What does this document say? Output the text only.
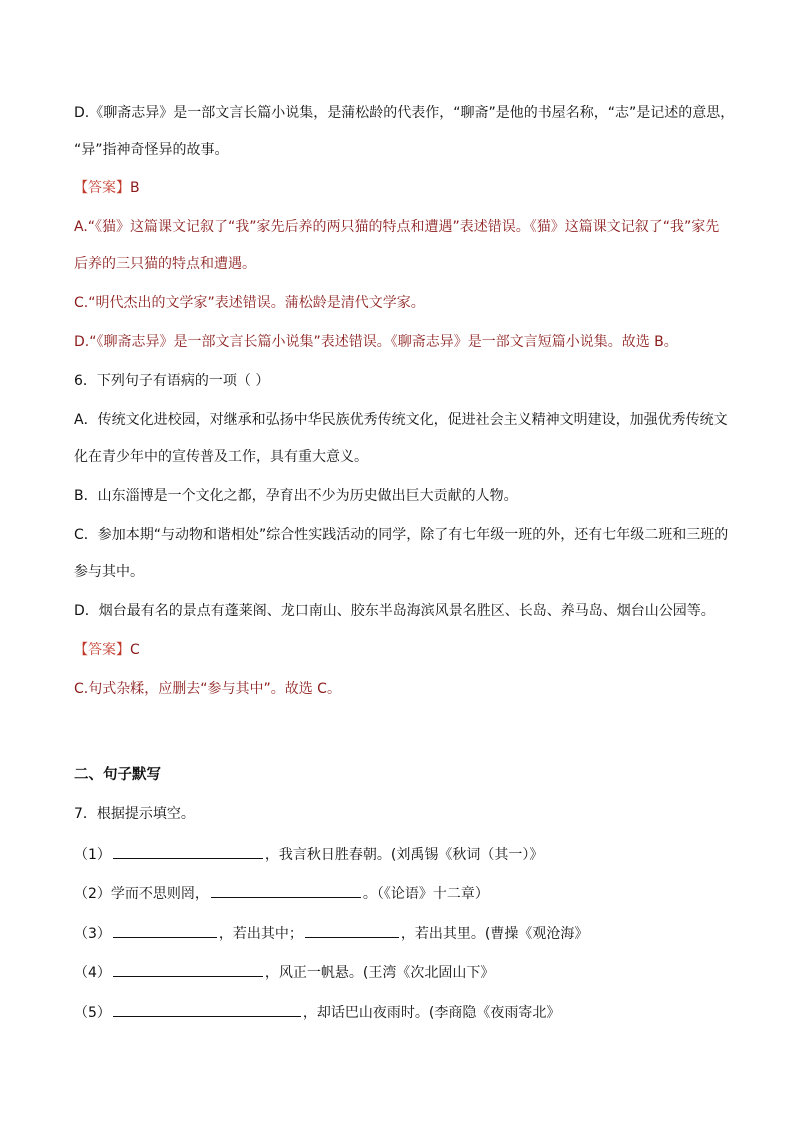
D.《聊斋志异》是一部文言长篇小说集，是蒲松龄的代表作，“聊斋”是他的书屋名称，“志”是记述的意思，
“异”指神奇怪异的故事。
【答案】B
A.“《猫》这篇课文记叙了“我”家先后养的两只猫的特点和遭遇”表述错误。《猫》这篇课文记叙了“我”家先
后养的三只猫的特点和遭遇。
C.“明代杰出的文学家”表述错误。蒲松龄是清代文学家。
D.“《聊斋志异》是一部文言长篇小说集”表述错误。《聊斋志异》是一部文言短篇小说集。故选 B。
6．下列句子有语病的一项（ ）
A．传统文化进校园，对继承和弘扬中华民族优秀传统文化，促进社会主义精神文明建设，加强优秀传统文
化在青少年中的宣传普及工作，具有重大意义。
B．山东淄博是一个文化之都，孕育出不少为历史做出巨大贡献的人物。
C．参加本期“与动物和谐相处”综合性实践活动的同学，除了有七年级一班的外，还有七年级二班和三班的
参与其中。
D．烟台最有名的景点有蓬莱阁、龙口南山、胶东半岛海滨风景名胜区、长岛、养马岛、烟台山公园等。
【答案】C
C.句式杂糅，应删去“参与其中”。故选 C。
二、句子默写
7．根据提示填空。
（1）	，我言秋日胜春朝。(刘禹锡《秋词（其一）》
（2）学而不思则罔，	。（《论语》十二章）
（3）	，若出其中；	，若出其里。(曹操《观沧海》
（4）	，风正一帆悬。(王湾《次北固山下》
（5）	，却话巴山夜雨时。(李商隐《夜雨寄北》
